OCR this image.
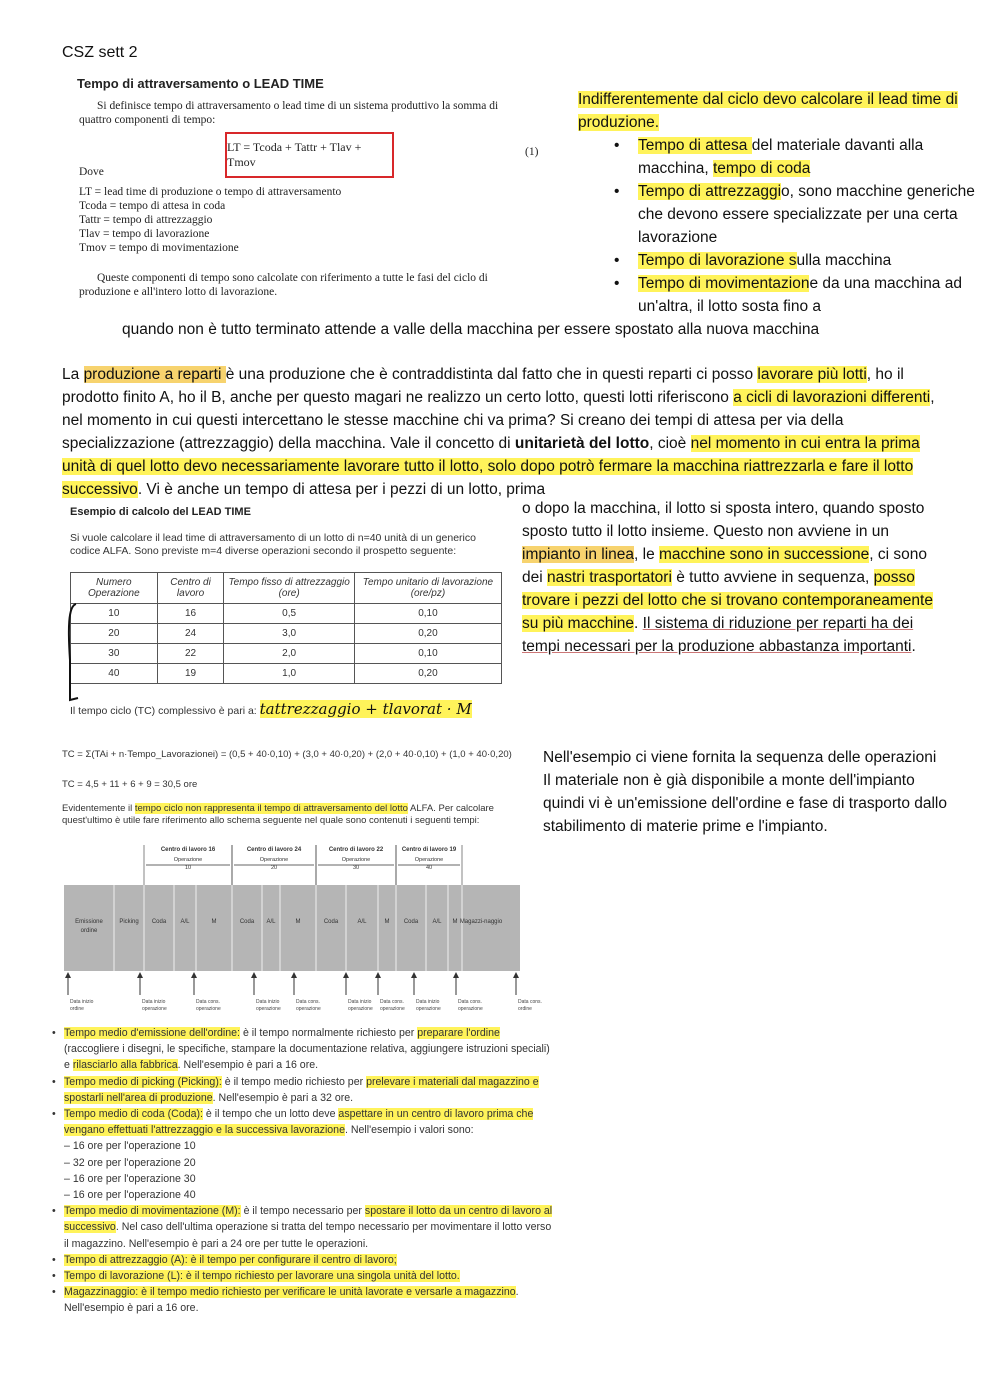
CSZ sett 2
Tempo di attraversamento o LEAD TIME
Si definisce tempo di attraversamento o lead time di un sistema produttivo la somma di
quattro componenti di tempo:
LT = Tcoda + Tattr + Tlav + Tmov
(1)
Dove
LT = lead time di produzione o tempo di attraversamento
Tcoda = tempo di attesa in coda
Tattr = tempo di attrezzaggio
Tlav = tempo di lavorazione
Tmov = tempo di movimentazione
Queste componenti di tempo sono calcolate con riferimento a tutte le fasi del ciclo di
produzione e all'intero lotto di lavorazione.
Indifferentemente dal ciclo devo calcolare il lead time di produzione.
• Tempo di attesa del materiale davanti alla macchina, tempo di coda
• Tempo di attrezzaggio, sono macchine generiche che devono essere specializzate per una certa lavorazione
• Tempo di lavorazione sulla macchina
• Tempo di movimentazione da una macchina ad un'altra, il lotto sosta fino a
quando non è tutto terminato attende a valle della macchina per essere spostato alla nuova macchina
La produzione a reparti è una produzione che è contraddistinta dal fatto che in questi reparti ci posso lavorare più lotti, ho il prodotto finito A, ho il B, anche per questo magari ne realizzo un certo lotto, questi lotti riferiscono a cicli di lavorazioni differenti, nel momento in cui questi intercettano le stesse macchine chi va prima? Si creano dei tempi di attesa per via della specializzazione (attrezzaggio) della macchina. Vale il concetto di unitarietà del lotto, cioè nel momento in cui entra la prima unità di quel lotto devo necessariamente lavorare tutto il lotto, solo dopo potrò fermare la macchina riattrezzarla e fare il lotto successivo. Vi è anche un tempo di attesa per i pezzi di un lotto, prima
Esempio di calcolo del LEAD TIME
Si vuole calcolare il lead time di attraversamento di un lotto di n=40 unità di un generico codice ALFA. Sono previste m=4 diverse operazioni secondo il prospetto seguente:
Numero Operazione	Centro di lavoro	Tempo fisso di attrezzaggio (ore)	Tempo unitario di lavorazione (ore/pz)
10	16	0,5	0,10
20	24	3,0	0,20
30	22	2,0	0,10
40	19	1,0	0,20
Il tempo ciclo (TC) complessivo è pari a: tattrezzaggio + tlavorat · M
o dopo la macchina, il lotto si sposta intero, quando sposto sposto tutto il lotto insieme. Questo non avviene in un impianto in linea, le macchine sono in successione, ci sono dei nastri trasportatori è tutto avviene in sequenza, posso trovare i pezzi del lotto che si trovano contemporaneamente su più macchine. Il sistema di riduzione per reparti ha dei tempi necessari per la produzione abbastanza importanti.
TC = Σ(TAi + n·Tempo_Lavorazionei) = (0,5 + 40·0,10) + (3,0 + 40·0,20) + (2,0 + 40·0,10) + (1,0 + 40·0,20)
TC = 4,5 + 11 + 6 + 9 = 30,5 ore
Evidentemente il tempo ciclo non rappresenta il tempo di attraversamento del lotto ALFA. Per calcolare quest'ultimo è utile fare riferimento allo schema seguente nel quale sono contenuti i seguenti tempi:
Centro di lavoro 16
Operazione
10
Centro di lavoro 24
Operazione
20
Centro di lavoro 22
Operazione
30
Centro di lavoro 19
Operazione
40
Emissione
ordine
Picking Coda A/L	M	Coda A/L	M	Coda	A/L	M Coda A/L M Magazzi-naggio
Data inizio
ordine
Data inizio
operazione
Data cons.
operazione
Data inizio
operazione
Data cons.
operazione
Data inizio
operazione
Data cons.
operazione
Data inizio
operazione
Data cons.
operazione
Data cons.
ordine
Nell'esempio ci viene fornita la sequenza delle operazioni
Il materiale non è già disponibile a monte dell'impianto quindi vi è un'emissione dell'ordine e fase di trasporto dallo stabilimento di materie prime e l'impianto.
• Tempo medio d'emissione dell'ordine: è il tempo normalmente richiesto per preparare l'ordine (raccogliere i disegni, le specifiche, stampare la documentazione relativa, aggiungere istruzioni speciali) e rilasciarlo alla fabbrica. Nell'esempio è pari a 16 ore.
• Tempo medio di picking (Picking): è il tempo medio richiesto per prelevare i materiali dal magazzino e spostarli nell'area di produzione. Nell'esempio è pari a 32 ore.
• Tempo medio di coda (Coda): è il tempo che un lotto deve aspettare in un centro di lavoro prima che vengano effettuati l'attrezzaggio e la successiva lavorazione. Nell'esempio i valori sono:
– 16 ore per l'operazione 10
– 32 ore per l'operazione 20
– 16 ore per l'operazione 30
– 16 ore per l'operazione 40
• Tempo medio di movimentazione (M): è il tempo necessario per spostare il lotto da un centro di lavoro al successivo. Nel caso dell'ultima operazione si tratta del tempo necessario per movimentare il lotto verso il magazzino. Nell'esempio è pari a 24 ore per tutte le operazioni.
• Tempo di attrezzaggio (A): è il tempo per configurare il centro di lavoro;
• Tempo di lavorazione (L): è il tempo richiesto per lavorare una singola unità del lotto.
• Magazzinaggio: è il tempo medio richiesto per verificare le unità lavorate e versarle a magazzino. Nell'esempio è pari a 16 ore.
